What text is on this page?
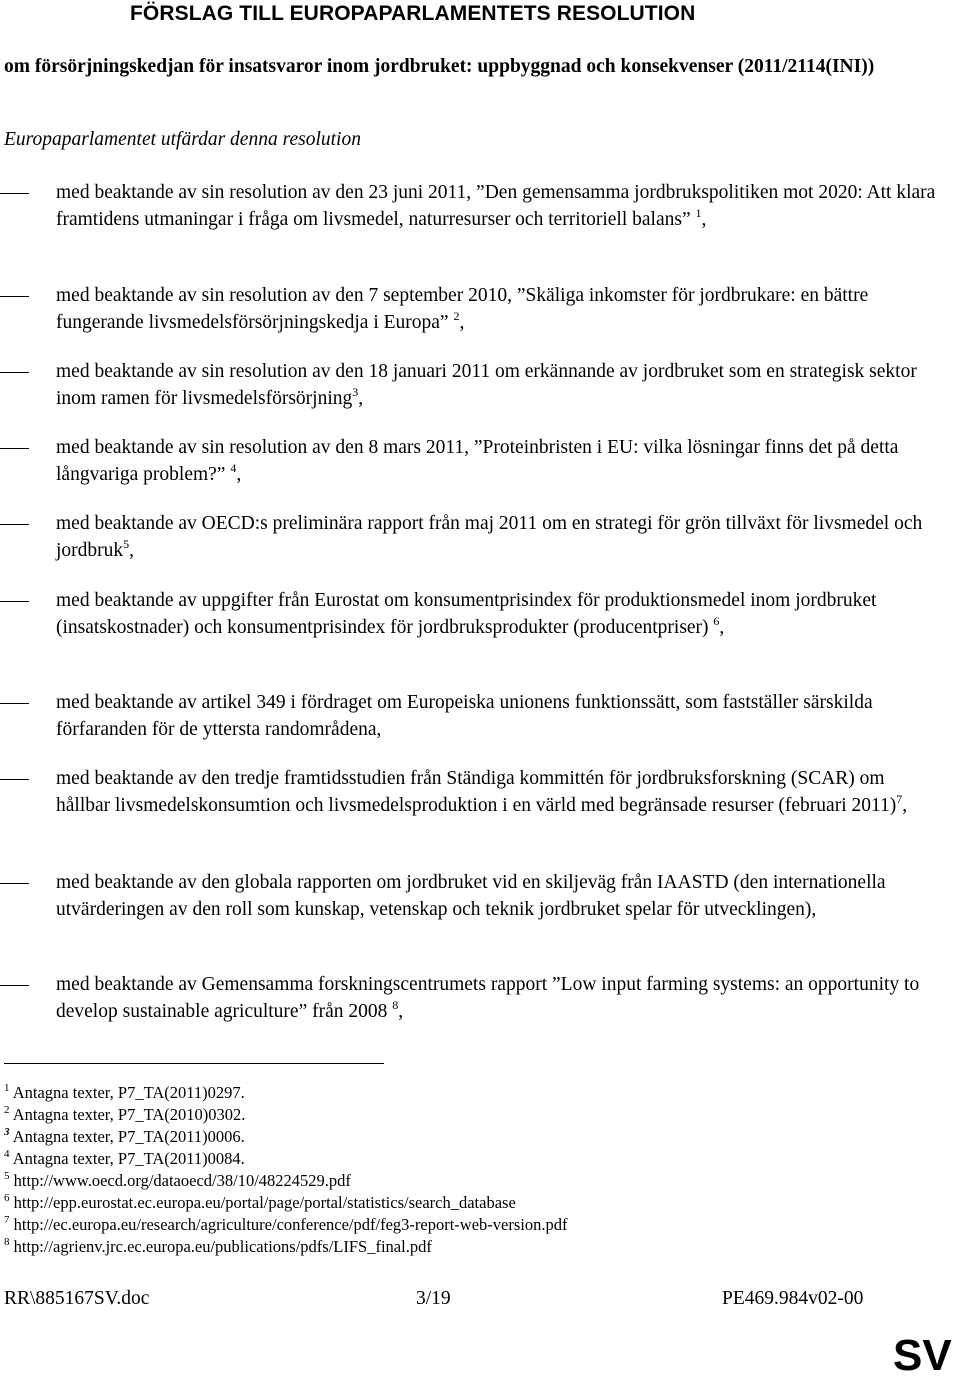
FÖRSLAG TILL EUROPAPARLAMENTETS RESOLUTION
om försörjningskedjan för insatsvaror inom jordbruket: uppbyggnad och konsekvenser (2011/2114(INI))
Europaparlamentet utfärdar denna resolution
med beaktande av sin resolution av den 23 juni 2011, ”Den gemensamma jordbrukspolitiken mot 2020: Att klara framtidens utmaningar i fråga om livsmedel, naturresurser och territoriell balans” $^1$,
med beaktande av sin resolution av den 7 september 2010, ”Skäliga inkomster för jordbrukare: en bättre fungerande livsmedelsförsörjningskedja i Europa” $^2$,
med beaktande av sin resolution av den 18 januari 2011 om erkännande av jordbruket som en strategisk sektor inom ramen för livsmedelsförsörjning$^3$,
med beaktande av sin resolution av den 8 mars 2011, ”Proteinbristen i EU: vilka lösningar finns det på detta långvariga problem?” $^4$,
med beaktande av OECD:s preliminära rapport från maj 2011 om en strategi för grön tillväxt för livsmedel och jordbruk$^5$,
med beaktande av uppgifter från Eurostat om konsumentprisindex för produktionsmedel inom jordbruket (insatskostnader) och konsumentprisindex för jordbruksprodukter (producentpriser) $^6$,
med beaktande av artikel 349 i fördraget om Europeiska unionens funktionssätt, som fastställer särskilda förfaranden för de yttersta randområdena,
med beaktande av den tredje framtidsstudien från Ständiga kommittén för jordbruksforskning (SCAR) om hållbar livsmedelskonsumtion och livsmedelsproduktion i en värld med begränsade resurser (februari 2011)$^7$,
med beaktande av den globala rapporten om jordbruket vid en skiljeväg från IAASTD (den internationella utvärderingen av den roll som kunskap, vetenskap och teknik jordbruket spelar för utvecklingen),
med beaktande av Gemensamma forskningscentrumets rapport ”Low input farming systems: an opportunity to develop sustainable agriculture” från 2008 $^8$,
$^1$ Antagna texter, P7_TA(2011)0297.
$^2$ Antagna texter, P7_TA(2010)0302.
$^3$ Antagna texter, P7_TA(2011)0006.
$^4$ Antagna texter, P7_TA(2011)0084.
$^5$ http://www.oecd.org/dataoecd/38/10/48224529.pdf
$^6$ http://epp.eurostat.ec.europa.eu/portal/page/portal/statistics/search_database
$^7$ http://ec.europa.eu/research/agriculture/conference/pdf/feg3-report-web-version.pdf
$^8$ http://agrienv.jrc.ec.europa.eu/publications/pdfs/LIFS_final.pdf
RR\885167SV.doc	3/19	PE469.984v02-00
SV
